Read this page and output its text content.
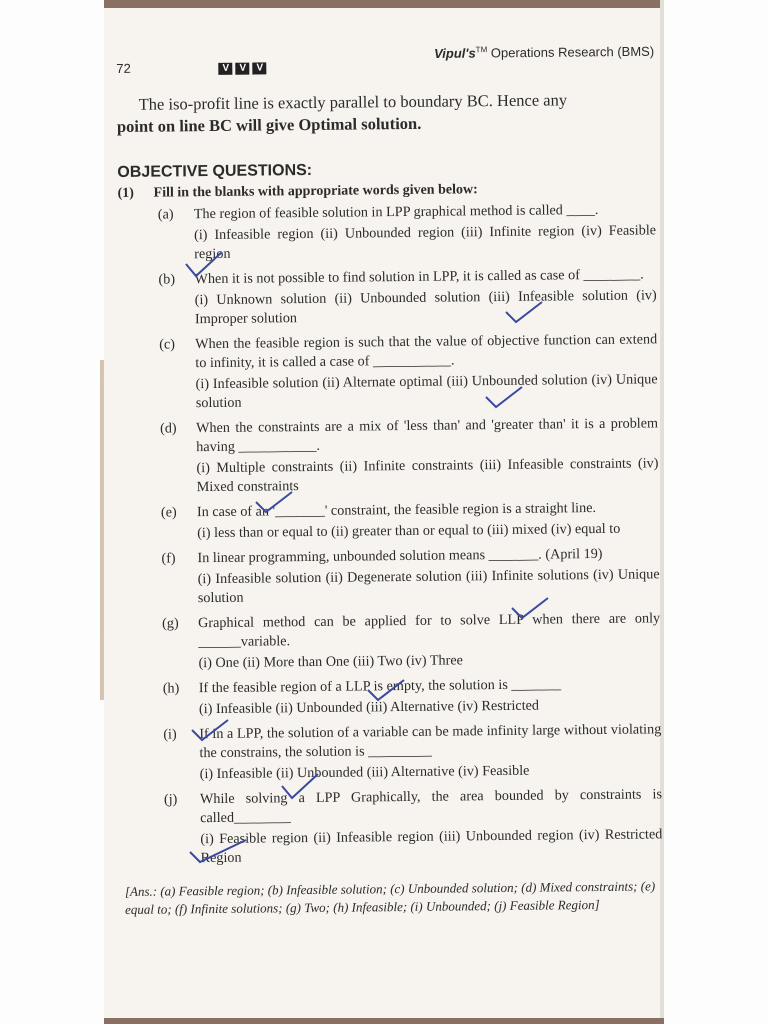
72	V	V	V
Vipul's™ Operations Research (BMS)
The iso-profit line is exactly parallel to boundary BC. Hence any
point on line BC will give Optimal solution.
OBJECTIVE QUESTIONS:
(1)	Fill in the blanks with appropriate words given below:
(a)	The region of feasible solution in LPP graphical method is called ____.
(i) Infeasible region (ii) Unbounded region (iii) Infinite region (iv) Feasible region
(b)	When it is not possible to find solution in LPP, it is called as case of ________.
(i) Unknown solution (ii) Unbounded solution (iii) Infeasible solution (iv) Improper solution
(c)	When the feasible region is such that the value of objective function can extend to infinity, it is called a case of ___________.
(i) Infeasible solution (ii) Alternate optimal (iii) Unbounded solution (iv) Unique solution
(d)	When the constraints are a mix of 'less than' and 'greater than' it is a problem having ___________.
(i) Multiple constraints (ii) Infinite constraints (iii) Infeasible constraints (iv) Mixed constraints
(e)	In case of an '_______' constraint, the feasible region is a straight line.
(i) less than or equal to (ii) greater than or equal to (iii) mixed (iv) equal to
(f)	In linear programming, unbounded solution means _______. (April 19)
(i) Infeasible solution (ii) Degenerate solution (iii) Infinite solutions (iv) Unique solution
(g)	Graphical method can be applied for to solve LLP when there are only ______variable.
(i) One (ii) More than One (iii) Two (iv) Three
(h)	If the feasible region of a LLP is empty, the solution is _______
(i) Infeasible (ii) Unbounded (iii) Alternative (iv) Restricted
(i)	If in a LPP, the solution of a variable can be made infinity large without violating the constrains, the solution is _________
(i) Infeasible (ii) Unbounded (iii) Alternative (iv) Feasible
(j)	While solving a LPP Graphically, the area bounded by constraints is called________
(i) Feasible region (ii) Infeasible region (iii) Unbounded region (iv) Restricted Region
[Ans.: (a) Feasible region; (b) Infeasible solution; (c) Unbounded solution; (d) Mixed constraints; (e) equal to; (f) Infinite solutions; (g) Two; (h) Infeasible; (i) Unbounded; (j) Feasible Region]
